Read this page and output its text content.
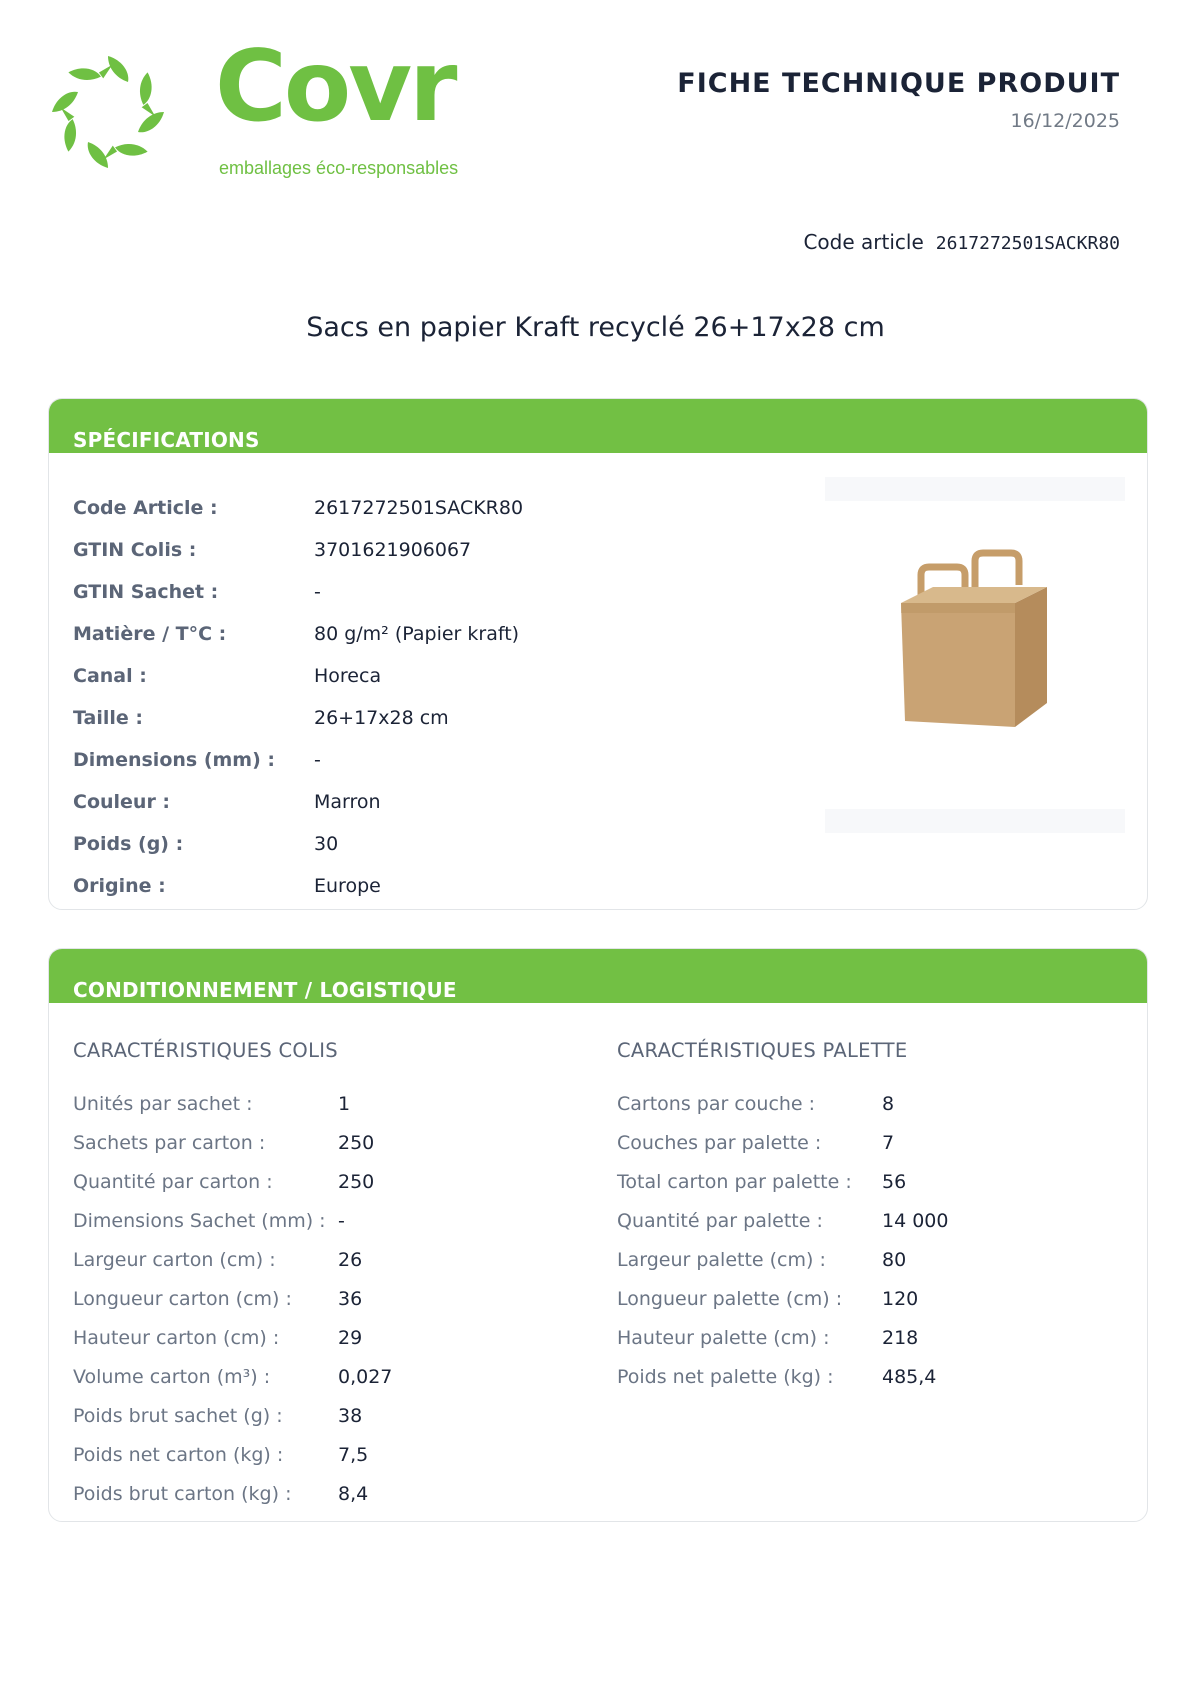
Covr
emballages éco-responsables
FICHE TECHNIQUE PRODUIT
16/12/2025
Code article 2617272501SACKR80
Sacs en papier Kraft recyclé 26+17x28 cm
SPÉCIFICATIONS
Code Article :	2617272501SACKR80
GTIN Colis :	3701621906067
GTIN Sachet :	-
Matière / T°C :	80 g/m² (Papier kraft)
Canal :	Horeca
Taille :	26+17x28 cm
Dimensions (mm) :	-
Couleur :	Marron
Poids (g) :	30
Origine :	Europe
CONDITIONNEMENT / LOGISTIQUE
CARACTÉRISTIQUES COLIS
Unités par sachet :	1
Sachets par carton :	250
Quantité par carton :	250
Dimensions Sachet (mm) : -
Largeur carton (cm) :	26
Longueur carton (cm) :	36
Hauteur carton (cm) :	29
Volume carton (m³) :	0,027
Poids brut sachet (g) :	38
Poids net carton (kg) :	7,5
Poids brut carton (kg) :	8,4
CARACTÉRISTIQUES PALETTE
Cartons par couche :	8
Couches par palette :	7
Total carton par palette :	56
Quantité par palette :	14 000
Largeur palette (cm) :	80
Longueur palette (cm) :	120
Hauteur palette (cm) :	218
Poids net palette (kg) :	485,4
